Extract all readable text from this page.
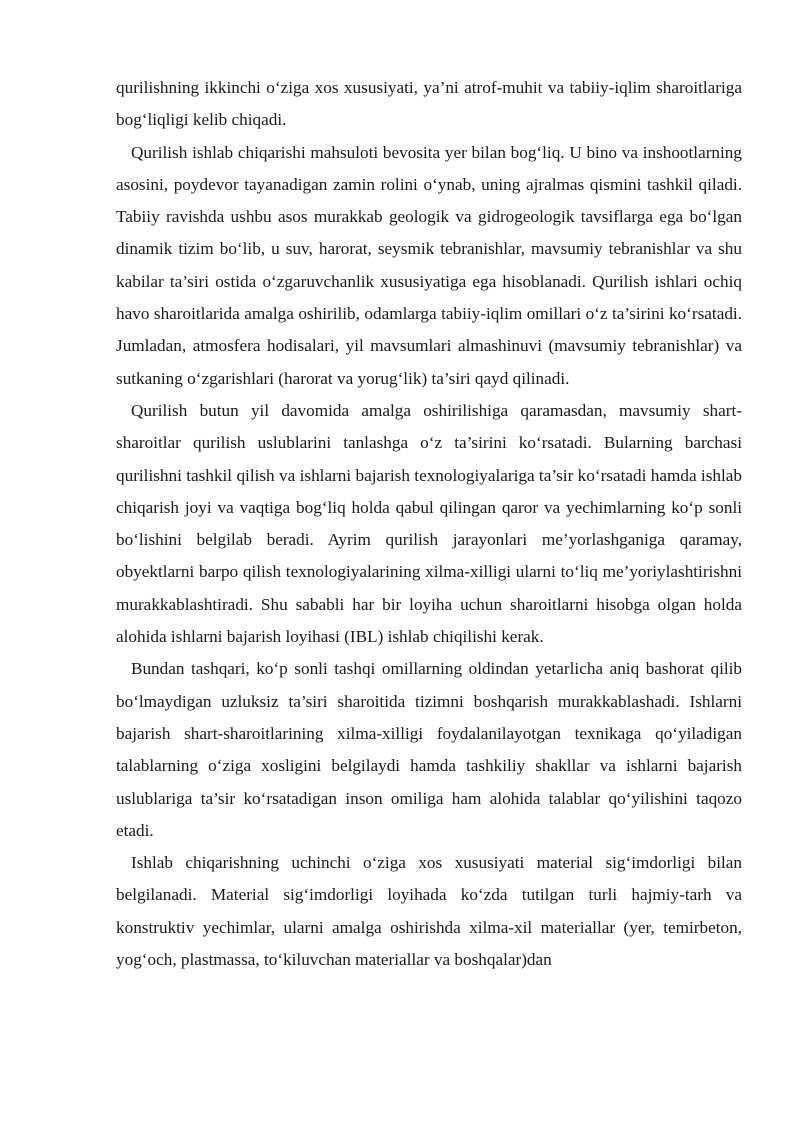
qurilishning ikkinchi o‘ziga xos xususiyati, ya’ni atrof-muhit va tabiiy-iqlim sharoitlariga bog‘liqligi kelib chiqadi.

Qurilish ishlab chiqarishi mahsuloti bevosita yer bilan bog‘liq. U bino va inshootlarning asosini, poydevor tayanadigan zamin rolini o‘ynab, uning ajralmas qismini tashkil qiladi. Tabiiy ravishda ushbu asos murakkab geologik va gidrogeologik tavsiflarga ega bo‘lgan dinamik tizim bo‘lib, u suv, harorat, seysmik tebranishlar, mavsumiy tebranishlar va shu kabilar ta’siri ostida o‘zgaruvchanlik xususiyatiga ega hisoblanadi. Qurilish ishlari ochiq havo sharoitlarida amalga oshirilib, odamlarga tabiiy-iqlim omillari o‘z ta’sirini ko‘rsatadi. Jumladan, atmosfera hodisalari, yil mavsumlari almashinuvi (mavsumiy tebranishlar) va sutkaning o‘zgarishlari (harorat va yorug‘lik) ta’siri qayd qilinadi.

Qurilish butun yil davomida amalga oshirilishiga qaramasdan, mavsumiy shart-sharoitlar qurilish uslublarini tanlashga o‘z ta’sirini ko‘rsatadi. Bularning barchasi qurilishni tashkil qilish va ishlarni bajarish texnologiyalariga ta’sir ko‘rsatadi hamda ishlab chiqarish joyi va vaqtiga bog‘liq holda qabul qilingan qaror va yechimlarning ko‘p sonli bo‘lishini belgilab beradi. Ayrim qurilish jarayonlari me’yorlashganiga qaramay, obyektlarni barpo qilish texnologiyalarining xilma-xilligi ularni to‘liq me’yoriylashtirishni murakkablashtiradi. Shu sababli har bir loyiha uchun sharoitlarni hisobga olgan holda alohida ishlarni bajarish loyihasi (IBL) ishlab chiqilishi kerak.

Bundan tashqari, ko‘p sonli tashqi omillarning oldindan yetarlicha aniq bashorat qilib bo‘lmaydigan uzluksiz ta’siri sharoitida tizimni boshqarish murakkablashadi. Ishlarni bajarish shart-sharoitlarining xilma-xilligi foydalanilayotgan texnikaga qo‘yiladigan talablarning o‘ziga xosligini belgilaydi hamda tashkiliy shakllar va ishlarni bajarish uslublariga ta’sir ko‘rsatadigan inson omiliga ham alohida talablar qo‘yilishini taqozo etadi.

Ishlab chiqarishning uchinchi o‘ziga xos xususiyati material sig‘imdorligi bilan belgilanadi. Material sig‘imdorligi loyihada ko‘zda tutilgan turli hajmiy-tarh va konstruktiv yechimlar, ularni amalga oshirishda xilma-xil materiallar (yer, temirbeton, yog‘och, plastmassa, to‘kiluvchan materiallar va boshqalar)dan
